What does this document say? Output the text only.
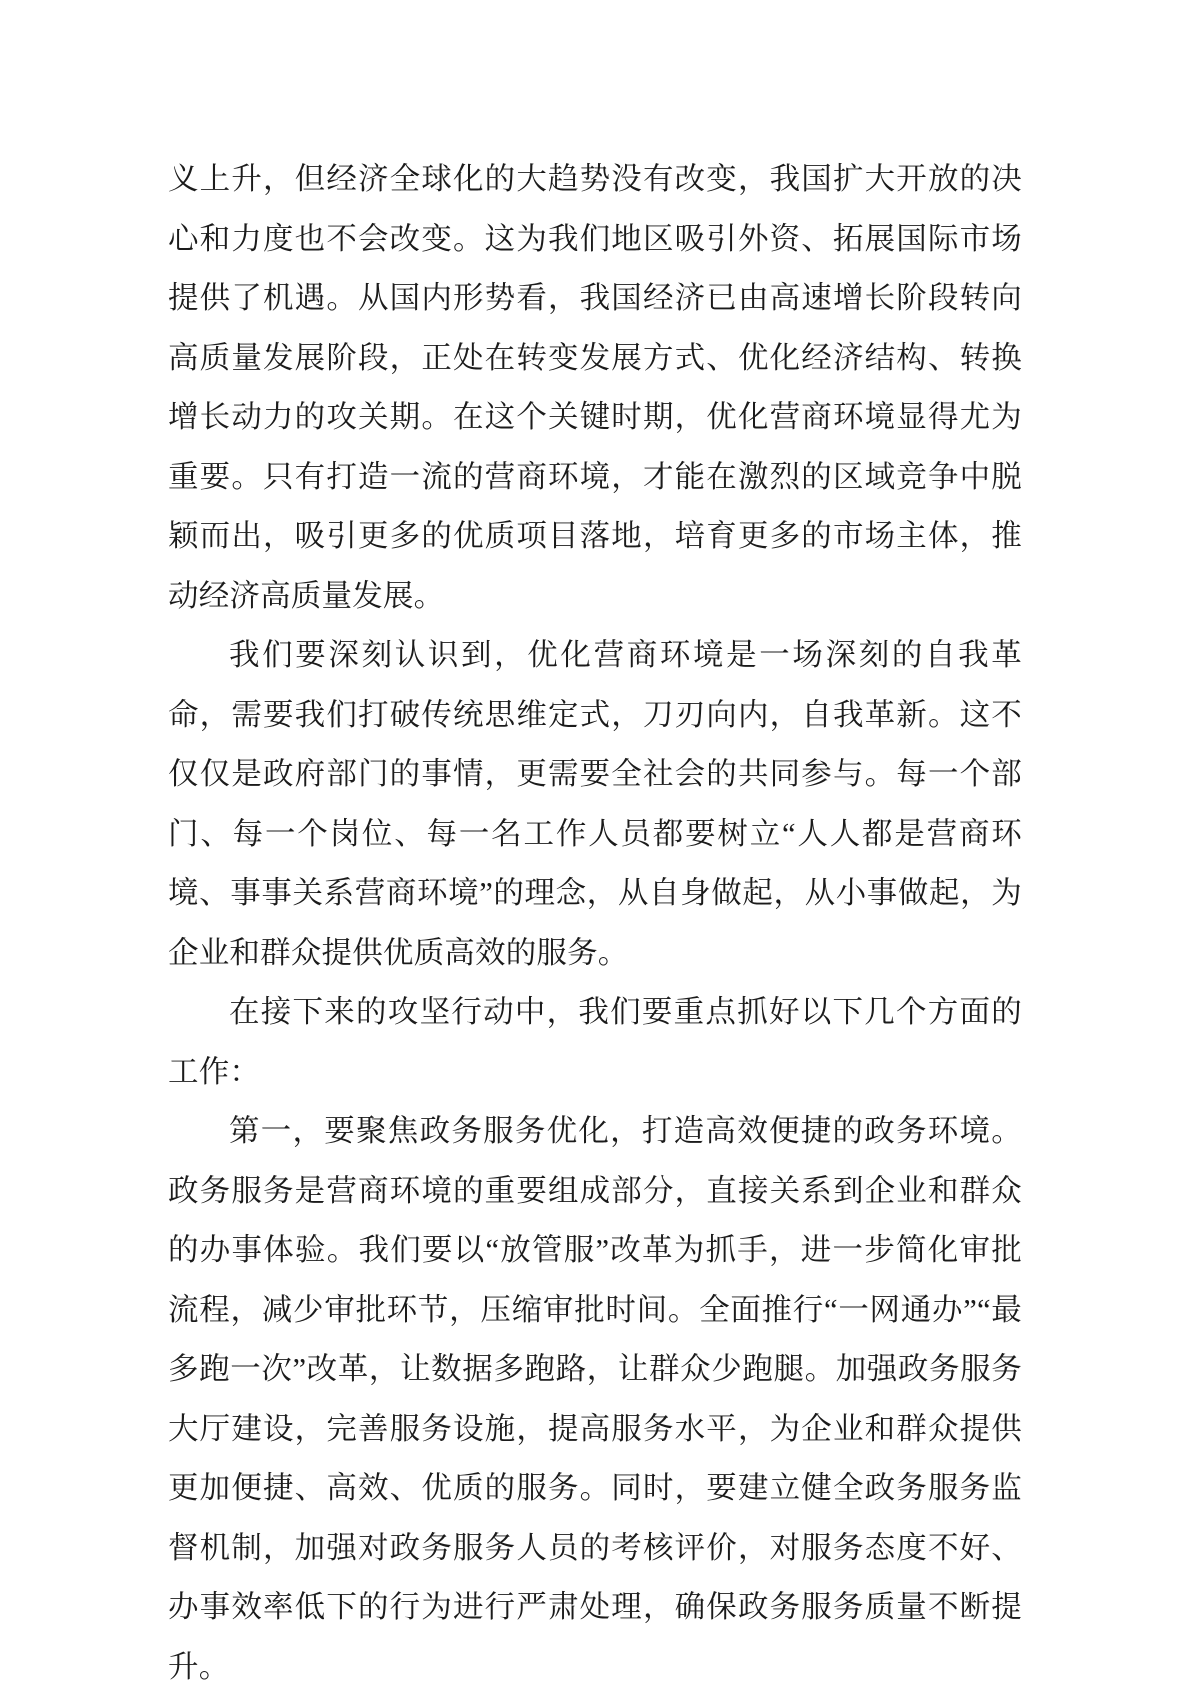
义上升，但经济全球化的大趋势没有改变，我国扩大开放的决心和力度也不会改变。这为我们地区吸引外资、拓展国际市场提供了机遇。从国内形势看，我国经济已由高速增长阶段转向高质量发展阶段，正处在转变发展方式、优化经济结构、转换增长动力的攻关期。在这个关键时期，优化营商环境显得尤为重要。只有打造一流的营商环境，才能在激烈的区域竞争中脱颖而出，吸引更多的优质项目落地，培育更多的市场主体，推动经济高质量发展。

我们要深刻认识到，优化营商环境是一场深刻的自我革命，需要我们打破传统思维定式，刀刃向内，自我革新。这不仅仅是政府部门的事情，更需要全社会的共同参与。每一个部门、每一个岗位、每一名工作人员都要树立“人人都是营商环境、事事关系营商环境”的理念，从自身做起，从小事做起，为企业和群众提供优质高效的服务。

在接下来的攻坚行动中，我们要重点抓好以下几个方面的工作：

第一，要聚焦政务服务优化，打造高效便捷的政务环境。政务服务是营商环境的重要组成部分，直接关系到企业和群众的办事体验。我们要以“放管服”改革为抓手，进一步简化审批流程，减少审批环节，压缩审批时间。全面推行“一网通办”“最多跑一次”改革，让数据多跑路，让群众少跑腿。加强政务服务大厅建设，完善服务设施，提高服务水平，为企业和群众提供更加便捷、高效、优质的服务。同时，要建立健全政务服务监督机制，加强对政务服务人员的考核评价，对服务态度不好、办事效率低下的行为进行严肃处理，确保政务服务质量不断提升。
